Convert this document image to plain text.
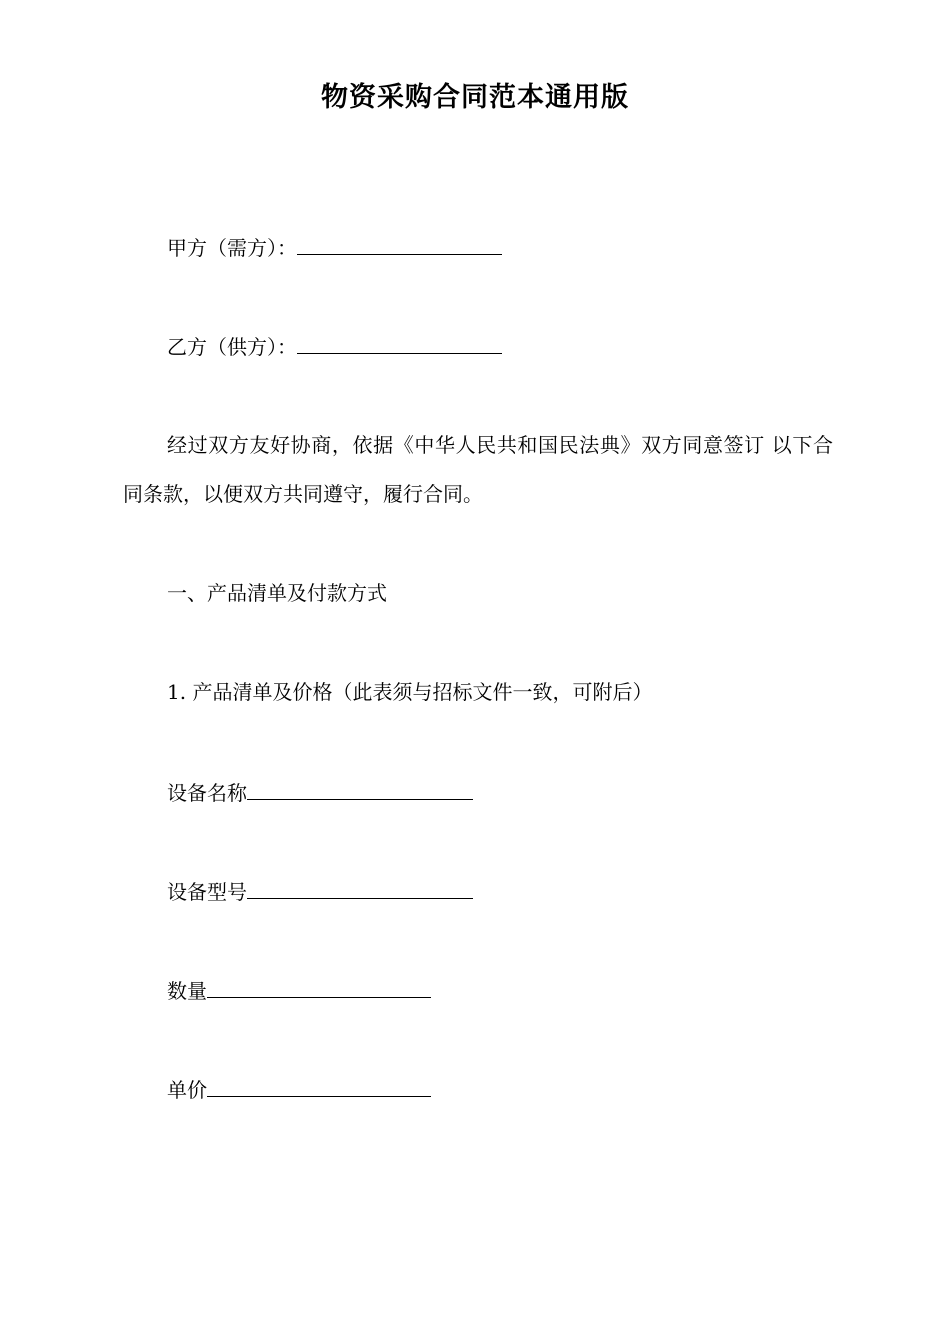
物资采购合同范本通用版
甲方（需方）：
乙方（供方）：
经过双方友好协商，依据《中华人民共和国民法典》双方同意签订 以下合同条款，以便双方共同遵守，履行合同。
一、产品清单及付款方式
1. 产品清单及价格（此表须与招标文件一致，可附后）
设备名称
设备型号
数量
单价
